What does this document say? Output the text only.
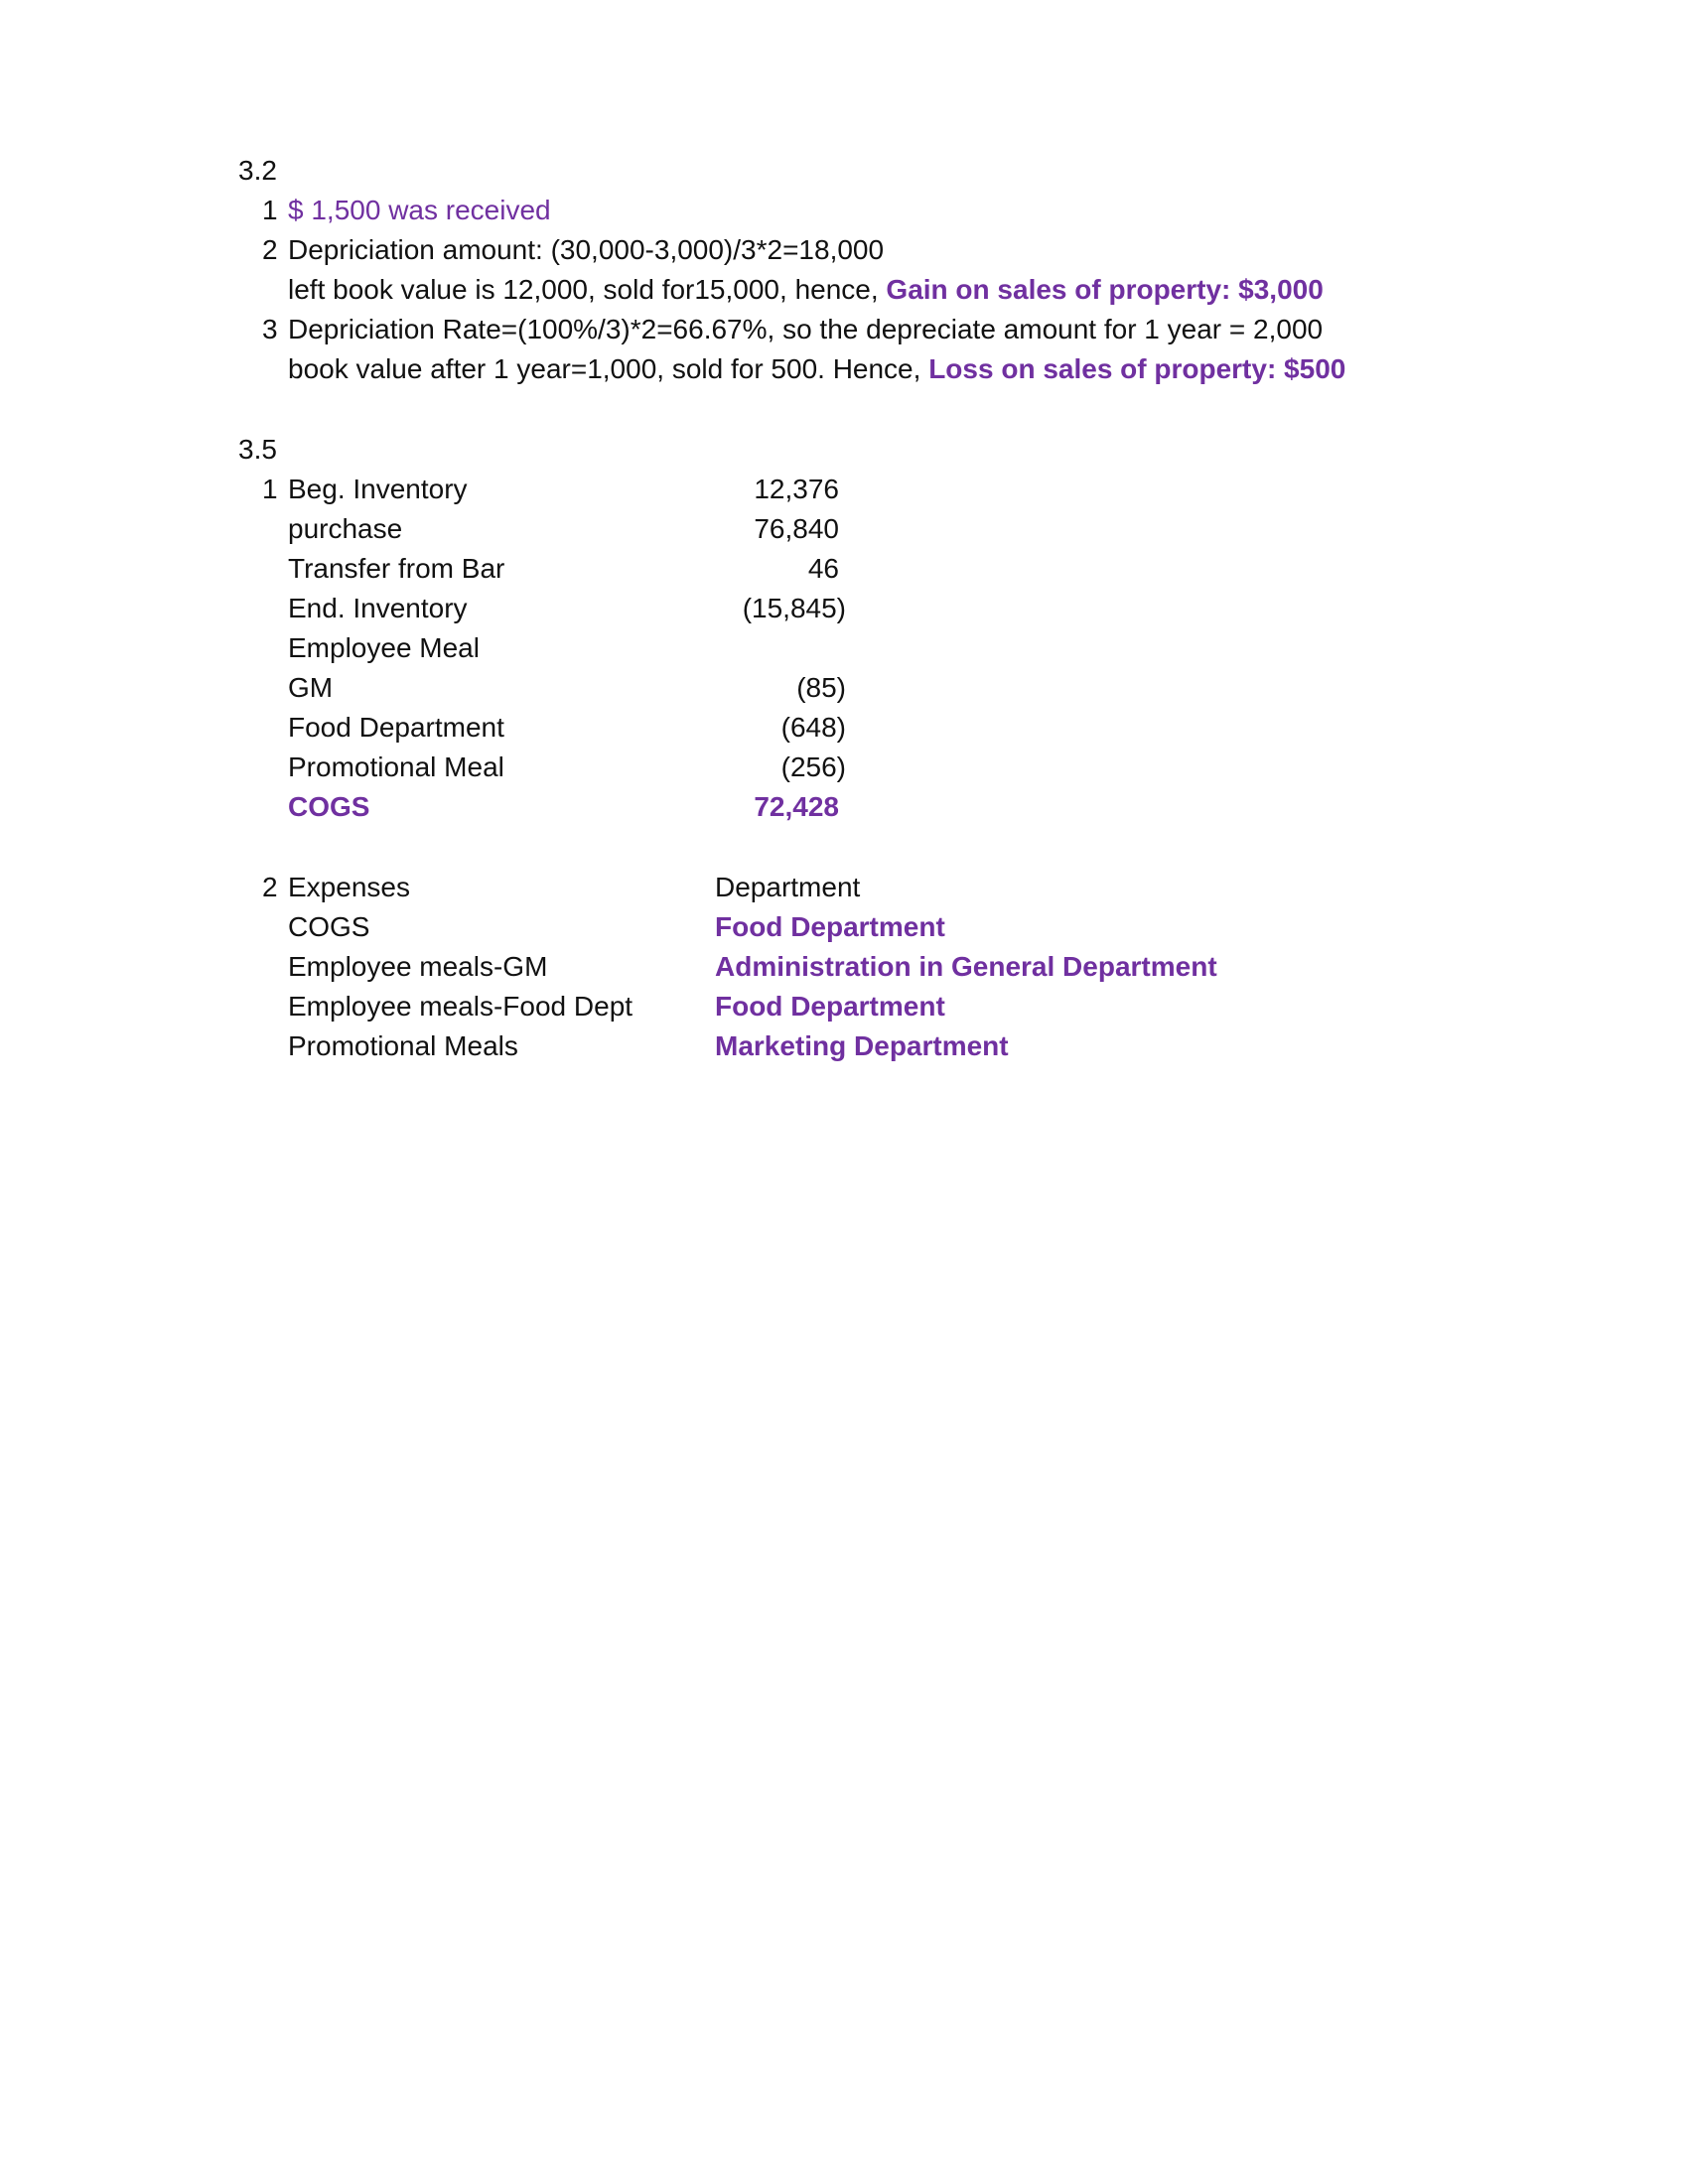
3.2
1 $ 1,500 was received
2 Depriciation amount: (30,000-3,000)/3*2=18,000
left book value is 12,000, sold for15,000, hence, Gain on sales of property: $3,000
3 Depriciation Rate=(100%/3)*2=66.67%, so the depreciate amount for 1 year = 2,000
book value after 1 year=1,000, sold for 500. Hence, Loss on sales of property: $500
3.5
1 Beg. Inventory	12,376
purchase	76,840
Transfer from Bar	46
End. Inventory	(15,845)
Employee Meal
GM	(85)
Food Department	(648)
Promotional Meal	(256)
COGS	72,428
2 Expenses	Department
COGS	Food Department
Employee meals-GM	Administration in General Department
Employee meals-Food Dept	Food Department
Promotional Meals	Marketing Department
